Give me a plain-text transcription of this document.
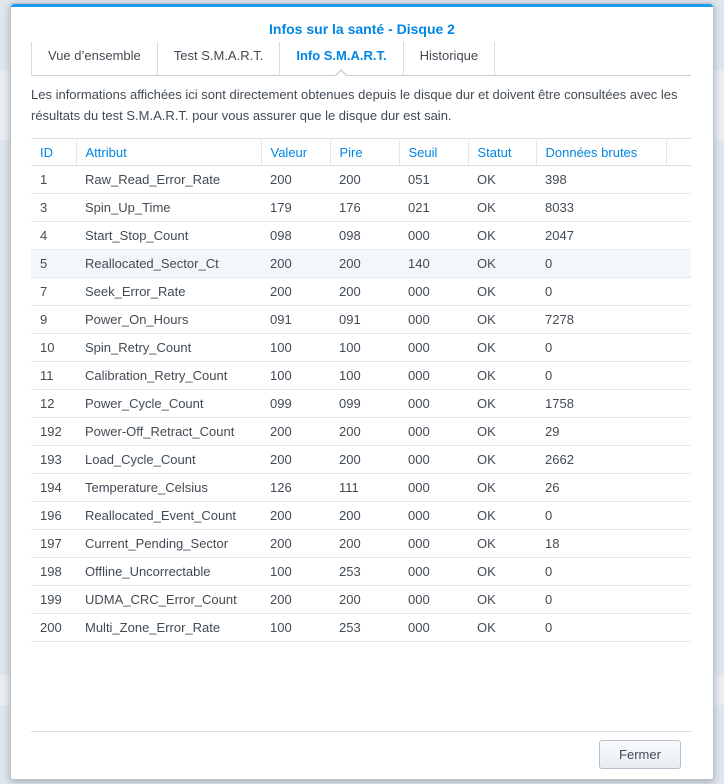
Infos sur la santé - Disque 2
Vue d’ensemble	Test S.M.A.R.T.	Info S.M.A.R.T.	Historique
Les informations affichées ici sont directement obtenues depuis le disque dur et doivent être consultées avec les résultats du test S.M.A.R.T. pour vous assurer que le disque dur est sain.
ID	Attribut	Valeur	Pire	Seuil	Statut	Données brutes	
1	Raw_Read_Error_Rate	200	200	051	OK	398	
3	Spin_Up_Time	179	176	021	OK	8033	
4	Start_Stop_Count	098	098	000	OK	2047	
5	Reallocated_Sector_Ct	200	200	140	OK	0	
7	Seek_Error_Rate	200	200	000	OK	0	
9	Power_On_Hours	091	091	000	OK	7278	
10	Spin_Retry_Count	100	100	000	OK	0	
11	Calibration_Retry_Count	100	100	000	OK	0	
12	Power_Cycle_Count	099	099	000	OK	1758	
192	Power-Off_Retract_Count	200	200	000	OK	29	
193	Load_Cycle_Count	200	200	000	OK	2662	
194	Temperature_Celsius	126	111	000	OK	26	
196	Reallocated_Event_Count	200	200	000	OK	0	
197	Current_Pending_Sector	200	200	000	OK	18	
198	Offline_Uncorrectable	100	253	000	OK	0	
199	UDMA_CRC_Error_Count	200	200	000	OK	0	
200	Multi_Zone_Error_Rate	100	253	000	OK	0	
Fermer
